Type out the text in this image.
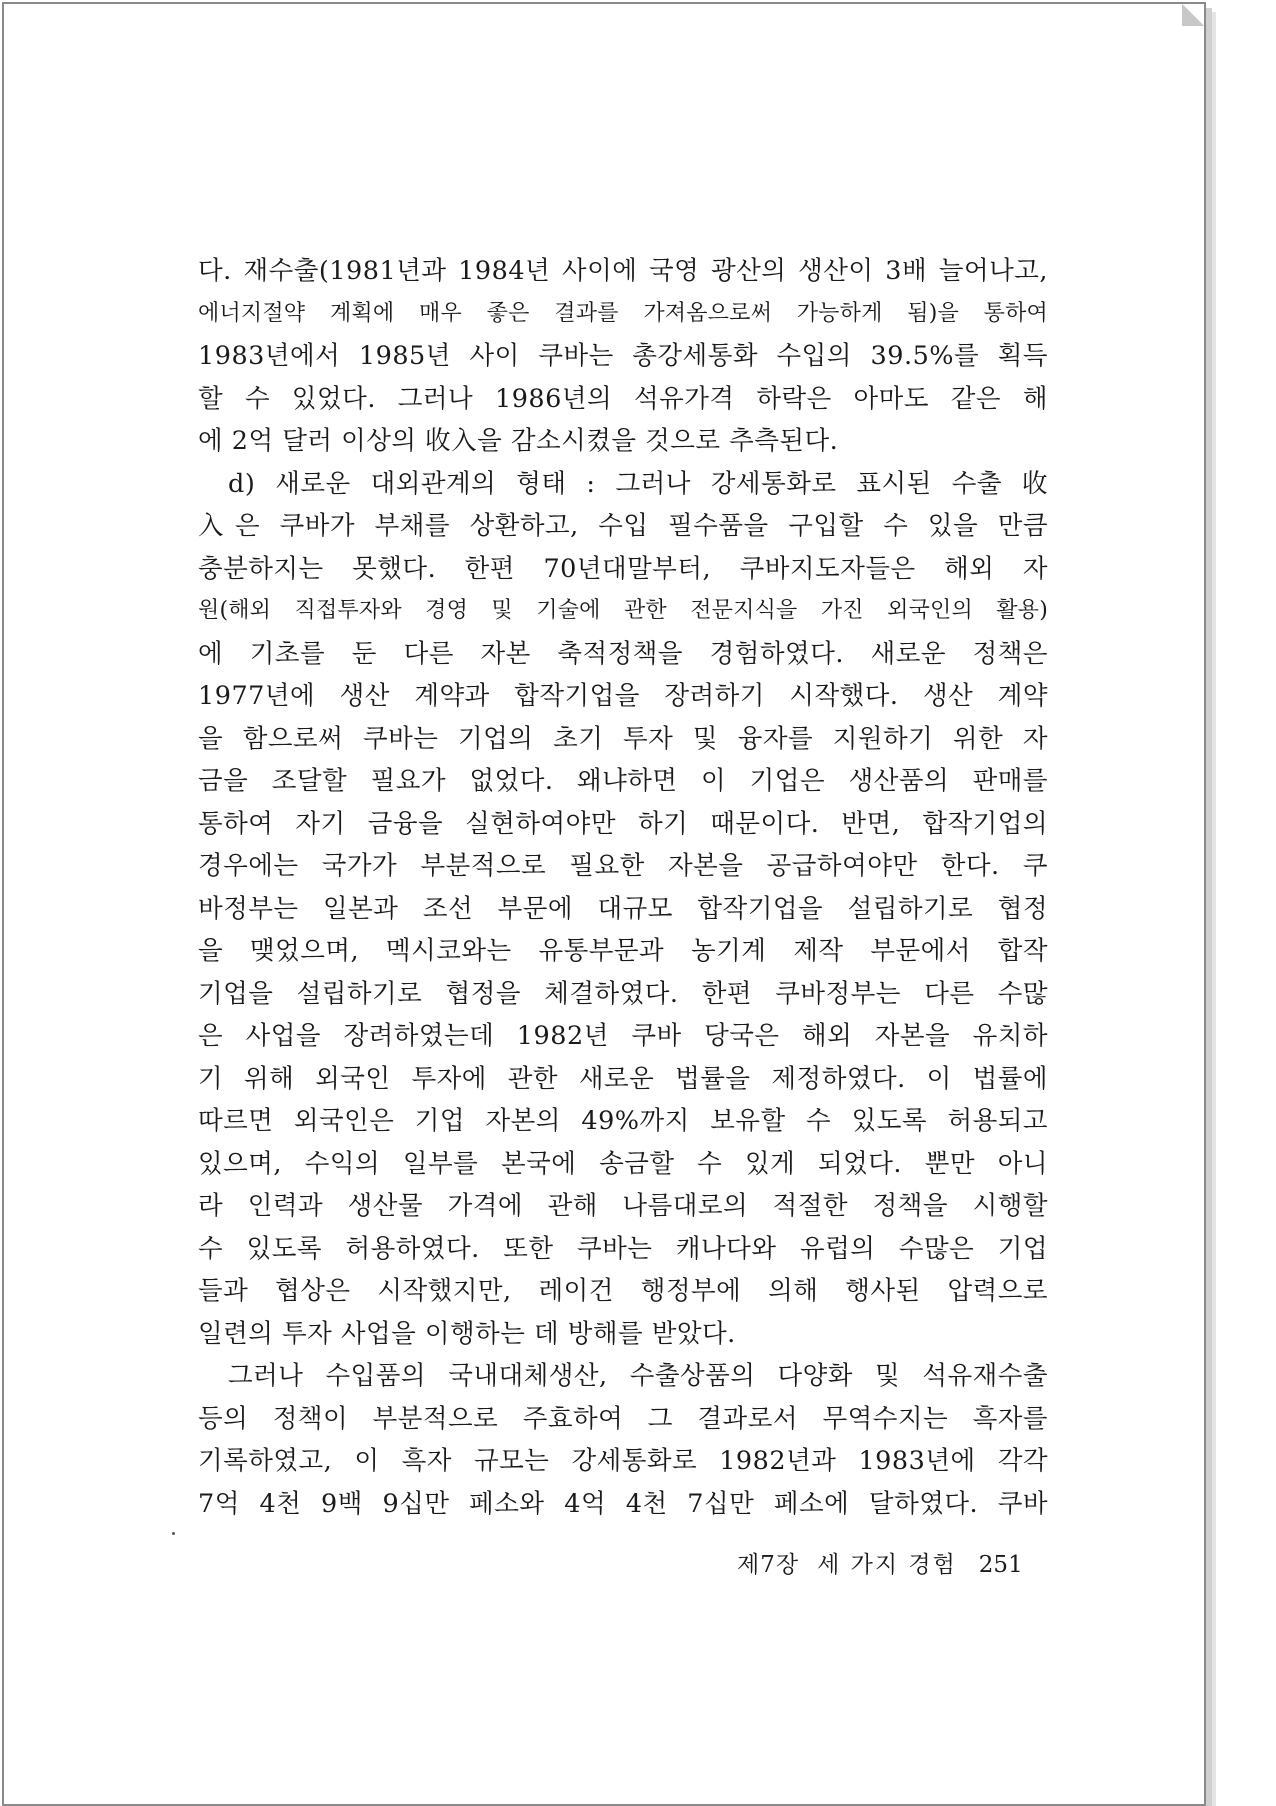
다. 재수출(1981년과 1984년 사이에 국영 광산의 생산이 3배 늘어나고,
에너지절약 계획에 매우 좋은 결과를 가져옴으로써 가능하게 됨)을 통하여
1983년에서 1985년 사이 쿠바는 총강세통화 수입의 39.5%를 획득
할 수 있었다. 그러나 1986년의 석유가격 하락은 아마도 같은 해
에 2억 달러 이상의 收入을 감소시켰을 것으로 추측된다.
d) 새로운 대외관계의 형태 : 그러나 강세통화로 표시된 수출 收
入은 쿠바가 부채를 상환하고, 수입 필수품을 구입할 수 있을 만큼
충분하지는 못했다. 한편 70년대말부터, 쿠바지도자들은 해외 자
원(해외 직접투자와 경영 및 기술에 관한 전문지식을 가진 외국인의 활용)
에 기초를 둔 다른 자본 축적정책을 경험하였다. 새로운 정책은
1977년에 생산 계약과 합작기업을 장려하기 시작했다. 생산 계약
을 함으로써 쿠바는 기업의 초기 투자 및 융자를 지원하기 위한 자
금을 조달할 필요가 없었다. 왜냐하면 이 기업은 생산품의 판매를
통하여 자기 금융을 실현하여야만 하기 때문이다. 반면, 합작기업의
경우에는 국가가 부분적으로 필요한 자본을 공급하여야만 한다. 쿠
바정부는 일본과 조선 부문에 대규모 합작기업을 설립하기로 협정
을 맺었으며, 멕시코와는 유통부문과 농기계 제작 부문에서 합작
기업을 설립하기로 협정을 체결하였다. 한편 쿠바정부는 다른 수많
은 사업을 장려하였는데 1982년 쿠바 당국은 해외 자본을 유치하
기 위해 외국인 투자에 관한 새로운 법률을 제정하였다. 이 법률에
따르면 외국인은 기업 자본의 49%까지 보유할 수 있도록 허용되고
있으며, 수익의 일부를 본국에 송금할 수 있게 되었다. 뿐만 아니
라 인력과 생산물 가격에 관해 나름대로의 적절한 정책을 시행할
수 있도록 허용하였다. 또한 쿠바는 캐나다와 유럽의 수많은 기업
들과 협상은 시작했지만, 레이건 행정부에 의해 행사된 압력으로
일련의 투자 사업을 이행하는 데 방해를 받았다.
그러나 수입품의 국내대체생산, 수출상품의 다양화 및 석유재수출
등의 정책이 부분적으로 주효하여 그 결과로서 무역수지는 흑자를
기록하였고, 이 흑자 규모는 강세통화로 1982년과 1983년에 각각
7억 4천 9백 9십만 페소와 4억 4천 7십만 페소에 달하였다. 쿠바
제7장 세 가지 경험 251
